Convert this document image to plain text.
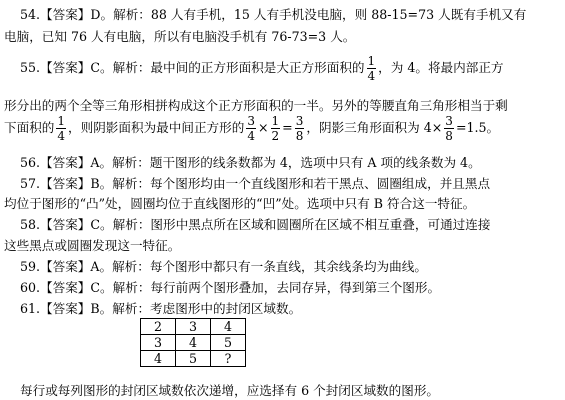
54.【答案】D。解析：88 人有手机，15 人有手机没电脑，则 88-15=73 人既有手机又有
电脑，已知 76 人有电脑，所以有电脑没手机有 76-73=3 人。
55.【答案】C。解析：最中间的正方形面积是大正方形面积的 $\frac{1}{4}$ ，为 4。将最内部正方
形分出的两个全等三角形相拼构成这个正方形面积的一半。另外的等腰直角三角形相当于剩
下面积的 $\frac{1}{4}$ ，则阴影面积为最中间正方形的 $\frac{3}{4} \times \frac{1}{2} = \frac{3}{8}$ ，阴影三角形面积为 $4\times \frac{3}{8} =1.5$。
56.【答案】A。解析：题干图形的线条数都为 4，选项中只有 A 项的线条数为 4。
57.【答案】B。解析：每个图形均由一个直线图形和若干黑点、圆圈组成，并且黑点
均位于图形的“凸”处，圆圈均位于直线图形的“凹”处。选项中只有 B 符合这一特征。
58.【答案】C。解析：图形中黑点所在区域和圆圈所在区域不相互重叠，可通过连接
这些黑点或圆圈发现这一特征。
59.【答案】A。解析：每个图形中都只有一条直线，其余线条均为曲线。
60.【答案】C。解析：每行前两个图形叠加，去同存异，得到第三个图形。
61.【答案】B。解析：考虑图形中的封闭区域数。
2	3	4
3	4	5
4	5	?
每行或每列图形的封闭区域数依次递增，应选择有 6 个封闭区域数的图形。
